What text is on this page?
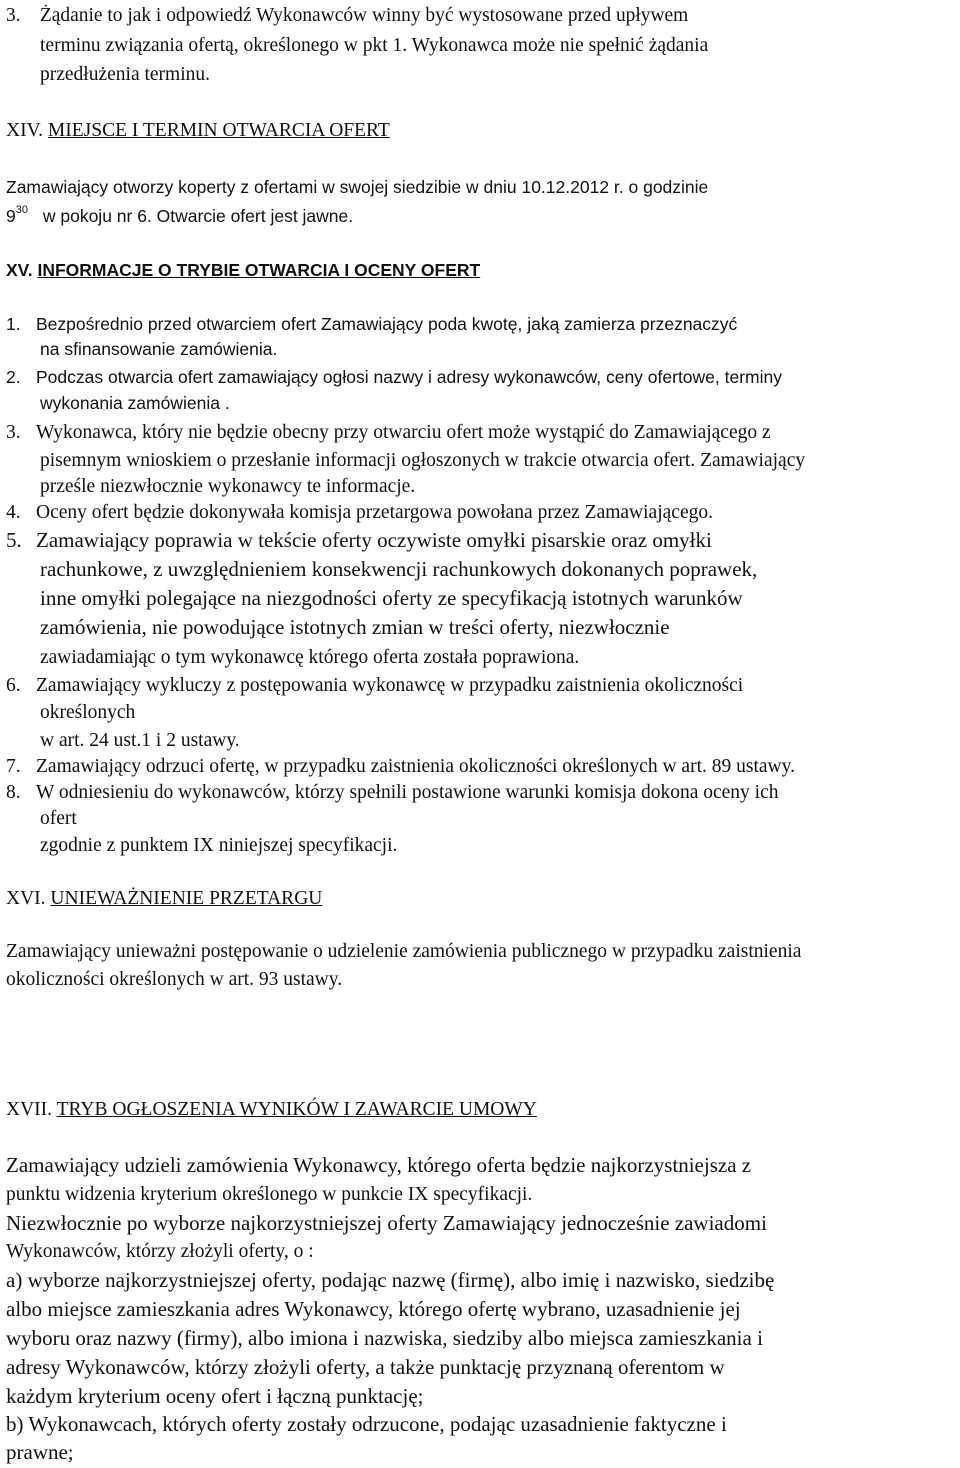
3. Żądanie to jak i odpowiedź Wykonawców winny być wystosowane przed upływem
terminu związania ofertą, określonego w pkt 1. Wykonawca może nie spełnić żądania
przedłużenia terminu.
XIV. MIEJSCE I TERMIN OTWARCIA OFERT
Zamawiający otworzy koperty z ofertami w swojej siedzibie w dniu 10.12.2012 r. o godzinie
$9^{30}$ w pokoju nr 6. Otwarcie ofert jest jawne.
XV. INFORMACJE O TRYBIE OTWARCIA I OCENY OFERT
1. Bezpośrednio przed otwarciem ofert Zamawiający poda kwotę, jaką zamierza przeznaczyć
na sfinansowanie zamówienia.
2. Podczas otwarcia ofert zamawiający ogłosi nazwy i adresy wykonawców, ceny ofertowe, terminy
wykonania zamówienia .
3. Wykonawca, który nie będzie obecny przy otwarciu ofert może wystąpić do Zamawiającego z
pisemnym wnioskiem o przesłanie informacji ogłoszonych w trakcie otwarcia ofert. Zamawiający
prześle niezwłocznie wykonawcy te informacje.
4. Oceny ofert będzie dokonywała komisja przetargowa powołana przez Zamawiającego.
5. Zamawiający poprawia w tekście oferty oczywiste omyłki pisarskie oraz omyłki
rachunkowe, z uwzględnieniem konsekwencji rachunkowych dokonanych poprawek,
inne omyłki polegające na niezgodności oferty ze specyfikacją istotnych warunków
zamówienia, nie powodujące istotnych zmian w treści oferty, niezwłocznie
zawiadamiając o tym wykonawcę którego oferta została poprawiona.
6. Zamawiający wykluczy z postępowania wykonawcę w przypadku zaistnienia okoliczności
określonych
w art. 24 ust.1 i 2 ustawy.
7. Zamawiający odrzuci ofertę, w przypadku zaistnienia okoliczności określonych w art. 89 ustawy.
8. W odniesieniu do wykonawców, którzy spełnili postawione warunki komisja dokona oceny ich
ofert
zgodnie z punktem IX niniejszej specyfikacji.
XVI. UNIEWAŻNIENIE PRZETARGU
Zamawiający unieważni postępowanie o udzielenie zamówienia publicznego w przypadku zaistnienia
okoliczności określonych w art. 93 ustawy.
XVII. TRYB OGŁOSZENIA WYNIKÓW I ZAWARCIE UMOWY
Zamawiający udzieli zamówienia Wykonawcy, którego oferta będzie najkorzystniejsza z
punktu widzenia kryterium określonego w punkcie IX specyfikacji.
Niezwłocznie po wyborze najkorzystniejszej oferty Zamawiający jednocześnie zawiadomi
Wykonawców, którzy złożyli oferty, o :
a) wyborze najkorzystniejszej oferty, podając nazwę (firmę), albo imię i nazwisko, siedzibę
albo miejsce zamieszkania adres Wykonawcy, którego ofertę wybrano, uzasadnienie jej
wyboru oraz nazwy (firmy), albo imiona i nazwiska, siedziby albo miejsca zamieszkania i
adresy Wykonawców, którzy złożyli oferty, a także punktację przyznaną oferentom w
każdym kryterium oceny ofert i łączną punktację;
b) Wykonawcach, których oferty zostały odrzucone, podając uzasadnienie faktyczne i
prawne;
